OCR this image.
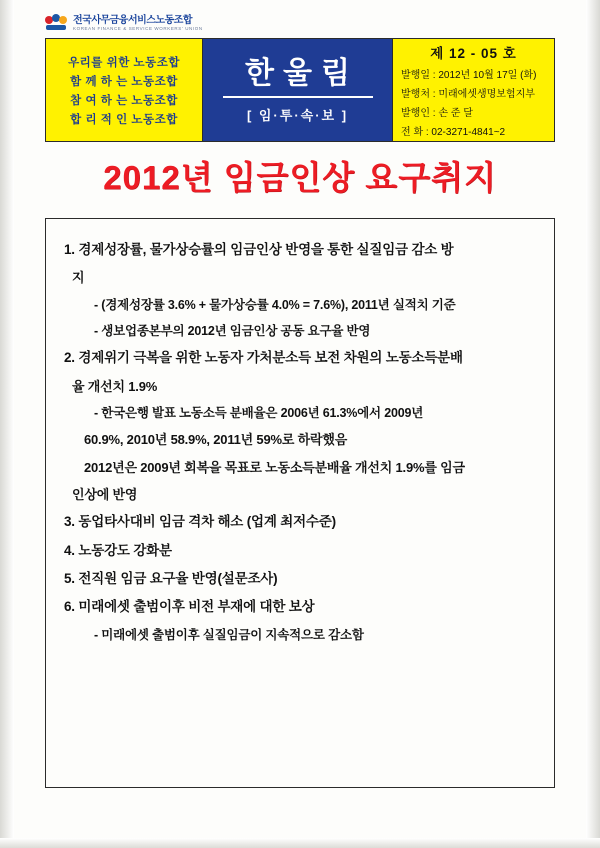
전국사무금융서비스노동조합
KOREAN FINANCE & SERVICE WORKERS' UNION
우리를 위한 노동조합
함 께 하 는 노동조합
참 여 하 는 노동조합
합 리 적 인 노동조합
한울림
[ 임·투·속·보 ]
제 12 - 05 호
발행일 : 2012년 10월 17일 (화)
발행처 : 미래에셋생명보험지부
발행인 : 손 준 달
전 화 : 02-3271-4841~2
2012년 임금인상 요구취지
1. 경제성장률, 물가상승률의 임금인상 반영을 통한 실질임금 감소 방
지
- (경제성장률 3.6% + 물가상승률 4.0% = 7.6%), 2011년 실적치 기준
- 생보업종본부의 2012년 임금인상 공동 요구율 반영
2. 경제위기 극복을 위한 노동자 가처분소득 보전 차원의 노동소득분배
율 개선치 1.9%
- 한국은행 발표 노동소득 분배율은 2006년 61.3%에서 2009년
60.9%, 2010년 58.9%, 2011년 59%로 하락했음
2012년은 2009년 회복을 목표로 노동소득분배율 개선치 1.9%를 임금
인상에 반영
3. 동업타사대비 임금 격차 해소 (업계 최저수준)
4. 노동강도 강화분
5. 전직원 임금 요구율 반영(설문조사)
6. 미래에셋 출범이후 비전 부재에 대한 보상
- 미래에셋 출범이후 실질임금이 지속적으로 감소함
